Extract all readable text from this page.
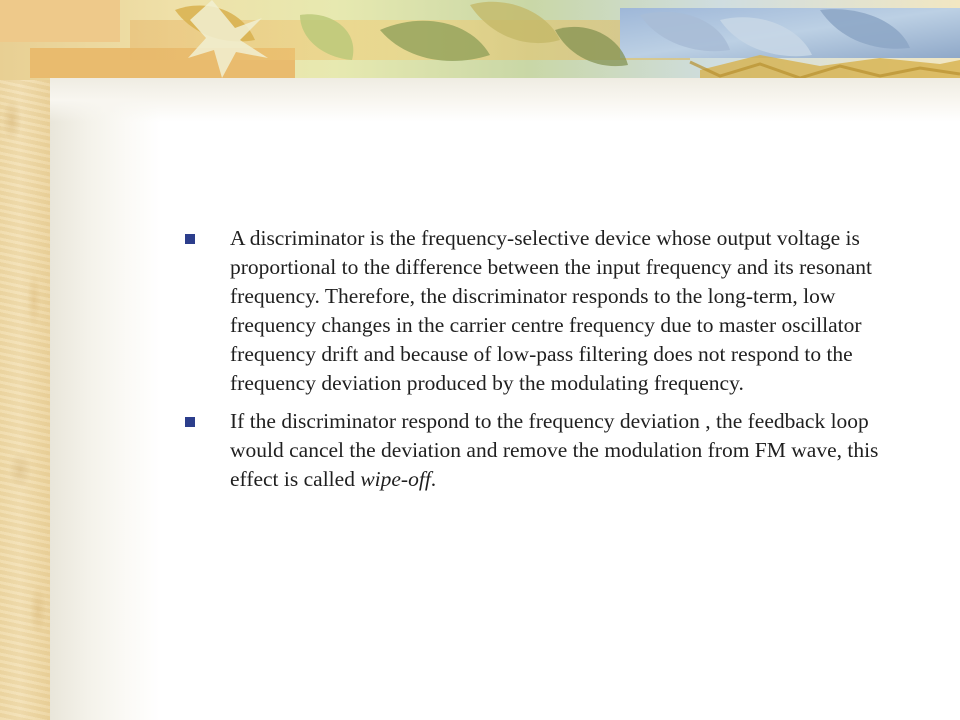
A discriminator is the frequency-selective device whose output voltage is proportional to the difference between the input frequency and its resonant frequency. Therefore, the discriminator responds to the long-term, low frequency changes in the carrier centre frequency due to master oscillator frequency drift and because of low-pass filtering does not respond to the frequency deviation produced by the modulating frequency.
If the discriminator respond to the frequency deviation , the feedback loop would cancel the deviation and remove the modulation from FM wave, this effect is called wipe-off.
